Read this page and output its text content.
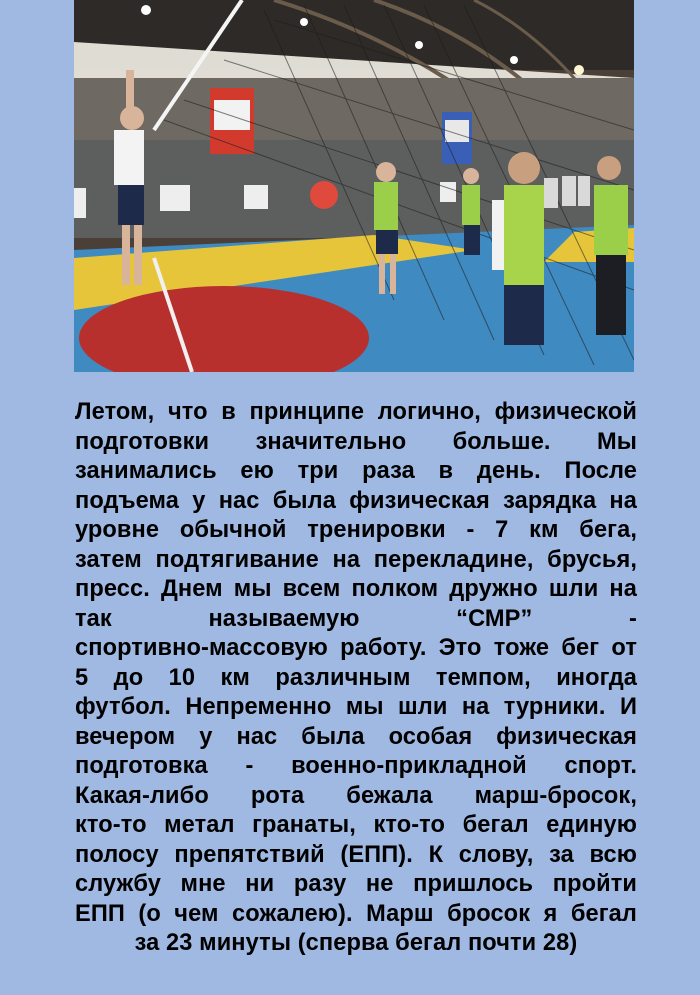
Летом, что в принципе логично, физической
подготовки значительно больше. Мы
занимались ею три раза в день. После
подъема у нас была физическая зарядка на
уровне обычной тренировки - 7 км бега,
затем подтягивание на перекладине, брусья,
пресс. Днем мы всем полком дружно шли на
так называемую “СМР” -
спортивно-массовую работу. Это тоже бег от
5 до 10 км различным темпом, иногда
футбол. Непременно мы шли на турники. И
вечером у нас была особая физическая
подготовка - военно-прикладной спорт.
Какая-либо рота бежала марш-бросок,
кто-то метал гранаты, кто-то бегал единую
полосу препятствий (ЕПП). К слову, за всю
службу мне ни разу не пришлось пройти
ЕПП (о чем сожалею). Марш бросок я бегал
за 23 минуты (сперва бегал почти 28)
